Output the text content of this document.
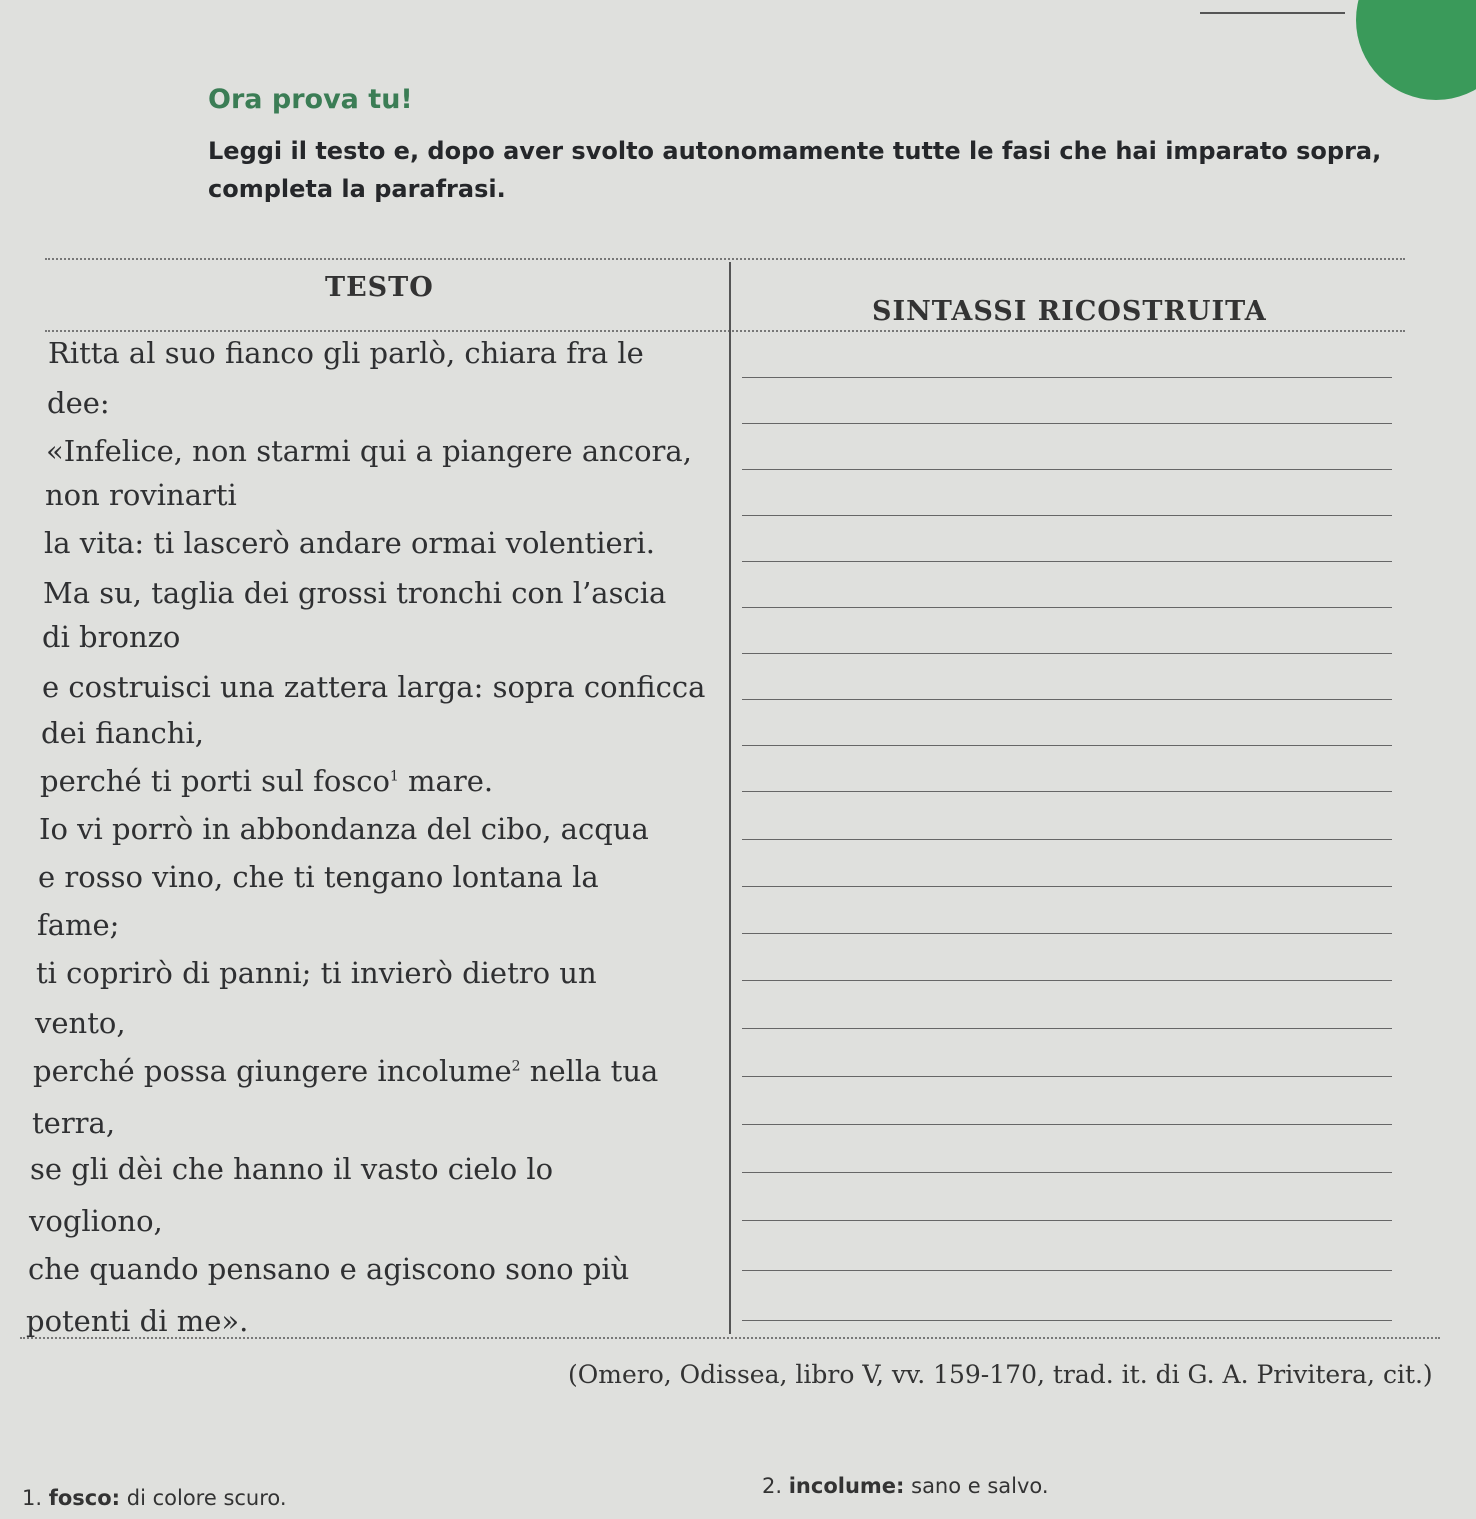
Ora prova tu!

Leggi il testo e, dopo aver svolto autonomamente tutte le fasi che hai imparato sopra, completa la parafrasi.

TESTO
SINTASSI RICOSTRUITA
Ritta al suo fianco gli parlò, chiara fra le
dee:
«Infelice, non starmi qui a piangere ancora,
non rovinarti
la vita: ti lascerò andare ormai volentieri.
Ma su, taglia dei grossi tronchi con l’ascia
di bronzo
e costruisci una zattera larga: sopra conficca
dei fianchi,
perché ti porti sul fosco$^1$ mare.
Io vi porrò in abbondanza del cibo, acqua
e rosso vino, che ti tengano lontana la
fame;
ti coprirò di panni; ti invierò dietro un
vento,
perché possa giungere incolume$^2$ nella tua
terra,
se gli dèi che hanno il vasto cielo lo
vogliono,
che quando pensano e agiscono sono più
potenti di me».
(Omero, Odissea, libro V, vv. 159-170, trad. it. di G. A. Privitera, cit.)
1. fosco: di colore scuro.	2. incolume: sano e salvo.
